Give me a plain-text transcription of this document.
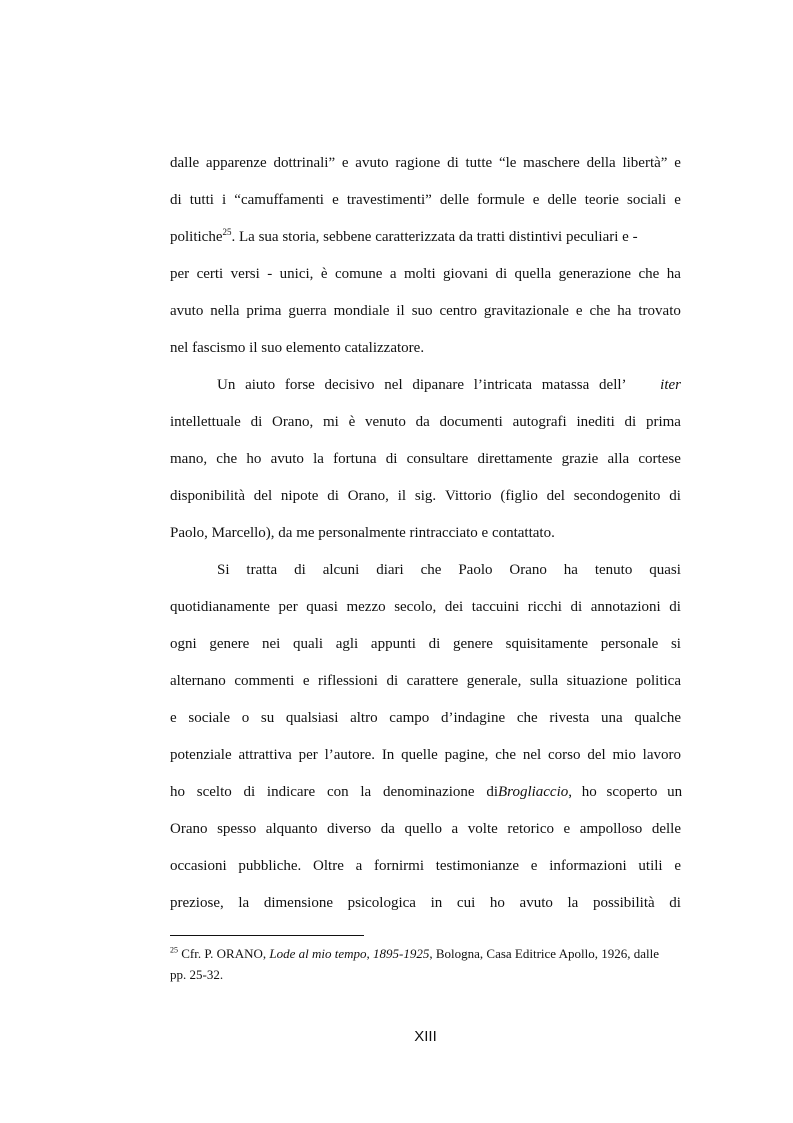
dalle apparenze dottrinali” e avuto ragione di tutte “le maschere della libertà” e
di tutti i “camuffamenti e travestimenti” delle formule e delle teorie sociali e
politiche$^{25}$. La sua storia, sebbene caratterizzata da tratti distintivi peculiari e -
per certi versi - unici, è comune a molti giovani di quella generazione che ha
avuto nella prima guerra mondiale il suo centro gravitazionale e che ha trovato
nel fascismo il suo elemento catalizzatore.
Un aiuto forse decisivo nel dipanare l’intricata matassa dell’ iter
intellettuale di Orano, mi è venuto da documenti autografi inediti di prima
mano, che ho avuto la fortuna di consultare direttamente grazie alla cortese
disponibilità del nipote di Orano, il sig. Vittorio (figlio del secondogenito di
Paolo, Marcello), da me personalmente rintracciato e contattato.
Si tratta di alcuni diari che Paolo Orano ha tenuto quasi
quotidianamente per quasi mezzo secolo, dei taccuini ricchi di annotazioni di
ogni genere nei quali agli appunti di genere squisitamente personale si
alternano commenti e riflessioni di carattere generale, sulla situazione politica
e sociale o su qualsiasi altro campo d’indagine che rivesta una qualche
potenziale attrattiva per l’autore. In quelle pagine, che nel corso del mio lavoro
ho scelto di indicare con la denominazione di Brogliaccio, ho scoperto un
Orano spesso alquanto diverso da quello a volte retorico e ampolloso delle
occasioni pubbliche. Oltre a fornirmi testimonianze e informazioni utili e
preziose, la dimensione psicologica in cui ho avuto la possibilità di
$^{25}$ Cfr. P. ORANO, Lode al mio tempo, 1895-1925, Bologna, Casa Editrice Apollo, 1926, dalle
pp. 25-32.
XIII
